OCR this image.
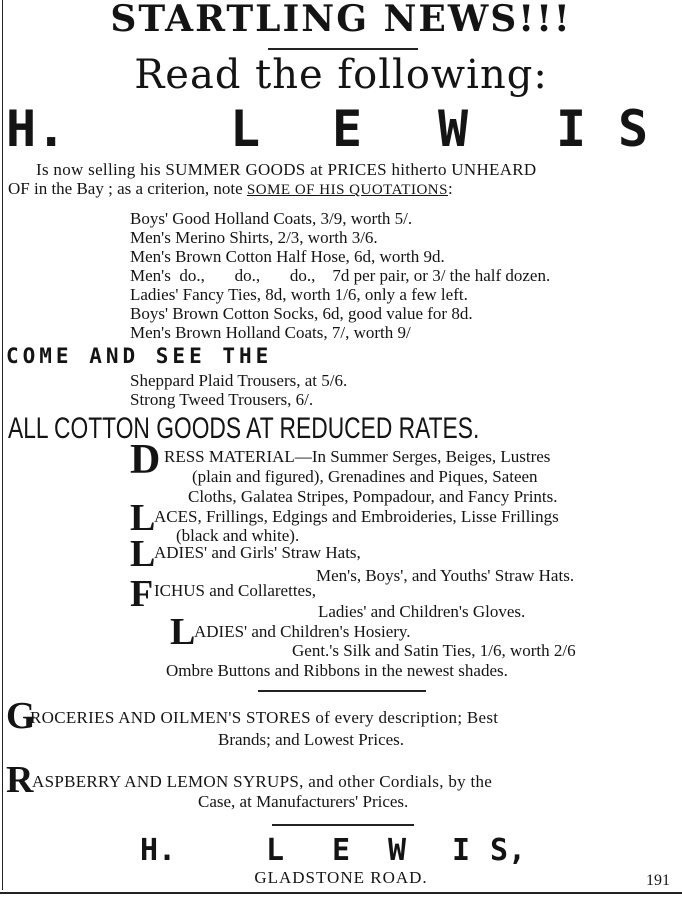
STARTLING NEWS!!!
Read the following:
H.	L E W I S
Is now selling his SUMMER GOODS at PRICES hitherto UNHEARD
OF in the Bay ; as a criterion, note SOME OF HIS QUOTATIONS:
Boys' Good Holland Coats, 3/9, worth 5/.
Men's Merino Shirts, 2/3, worth 3/6.
Men's Brown Cotton Half Hose, 6d, worth 9d.
Men's  do.,       do.,       do.,    7d per pair, or 3/ the half dozen.
Ladies' Fancy Ties, 8d, worth 1/6, only a few left.
Boys' Brown Cotton Socks, 6d, good value for 8d.
Men's Brown Holland Coats, 7/, worth 9/
COME AND SEE THE
Sheppard Plaid Trousers, at 5/6.
Strong Tweed Trousers, 6/.
ALL COTTON GOODS AT REDUCED RATES.
D RESS MATERIAL—In Summer Serges, Beiges, Lustres
(plain and figured), Grenadines and Piques, Sateen
Cloths, Galatea Stripes, Pompadour, and Fancy Prints.
L
ACES, Frillings, Edgings and Embroideries, Lisse Frillings
(black and white).
L
ADIES' and Girls' Straw Hats,
Men's, Boys', and Youths' Straw Hats.
F ICHUS and Collarettes,
Ladies' and Children's Gloves.
L
ADIES' and Children's Hosiery.
Gent.'s Silk and Satin Ties, 1/6, worth 2/6
Ombre Buttons and Ribbons in the newest shades.
G
ROCERIES AND OILMEN'S STORES of every description; Best
Brands; and Lowest Prices.
R
ASPBERRY AND LEMON SYRUPS, and other Cordials, by the
Case, at Manufacturers' Prices.
H.	L E W I S,
GLADSTONE ROAD.	191
